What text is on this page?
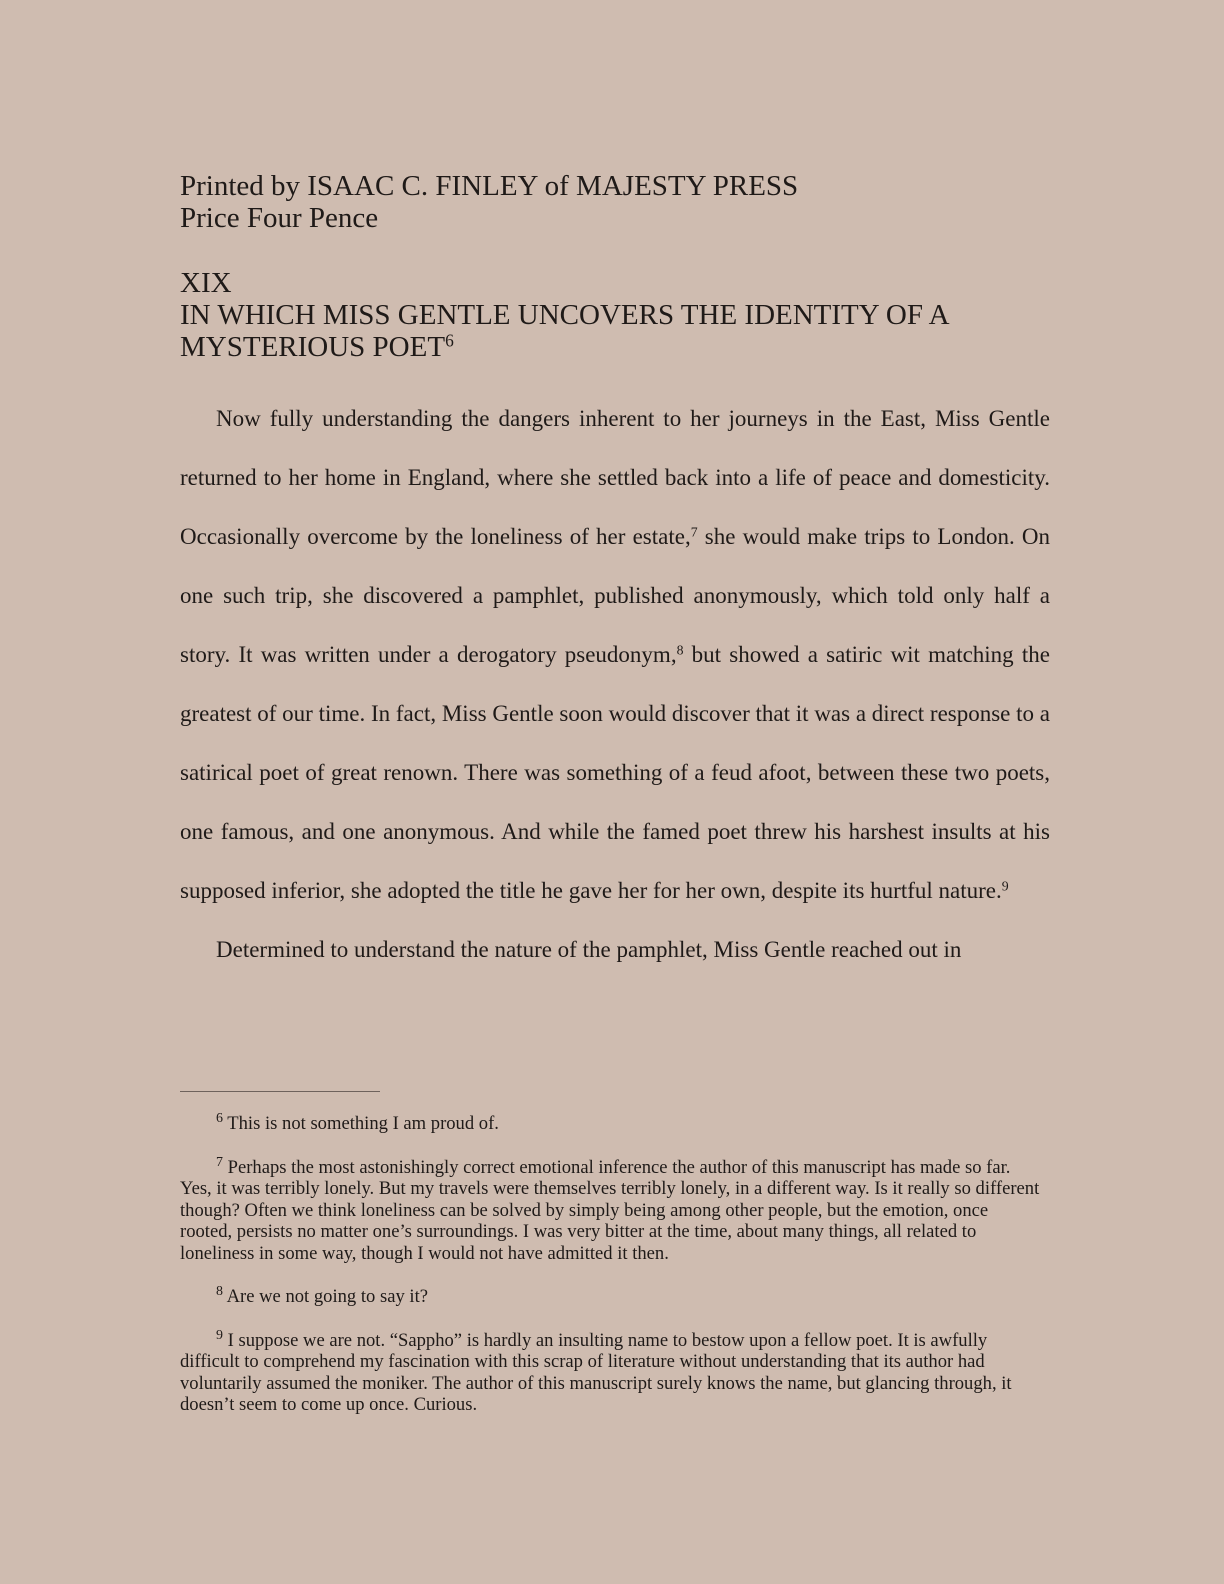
Printed by ISAAC C. FINLEY of MAJESTY PRESS
Price Four Pence
XIX
IN WHICH MISS GENTLE UNCOVERS THE IDENTITY OF A
MYSTERIOUS POET$^6$

Now fully understanding the dangers inherent to her journeys in the East, Miss Gentle returned to her home in England, where she settled back into a life of peace and domesticity. Occasionally overcome by the loneliness of her estate,$^7$ she would make trips to London. On one such trip, she discovered a pamphlet, published anonymously, which told only half a story. It was written under a derogatory pseudonym,$^8$ but showed a satiric wit matching the greatest of our time. In fact, Miss Gentle soon would discover that it was a direct response to a satirical poet of great renown. There was something of a feud afoot, between these two poets, one famous, and one anonymous. And while the famed poet threw his harshest insults at his supposed inferior, she adopted the title he gave her for her own, despite its hurtful nature.$^9$

Determined to understand the nature of the pamphlet, Miss Gentle reached out in

$^6$ This is not something I am proud of.

$^7$ Perhaps the most astonishingly correct emotional inference the author of this manuscript has made so far. Yes, it was terribly lonely. But my travels were themselves terribly lonely, in a different way. Is it really so different though? Often we think loneliness can be solved by simply being among other people, but the emotion, once rooted, persists no matter one’s surroundings. I was very bitter at the time, about many things, all related to loneliness in some way, though I would not have admitted it then.

$^8$ Are we not going to say it?

$^9$ I suppose we are not. “Sappho” is hardly an insulting name to bestow upon a fellow poet. It is awfully difficult to comprehend my fascination with this scrap of literature without understanding that its author had voluntarily assumed the moniker. The author of this manuscript surely knows the name, but glancing through, it doesn’t seem to come up once. Curious.
